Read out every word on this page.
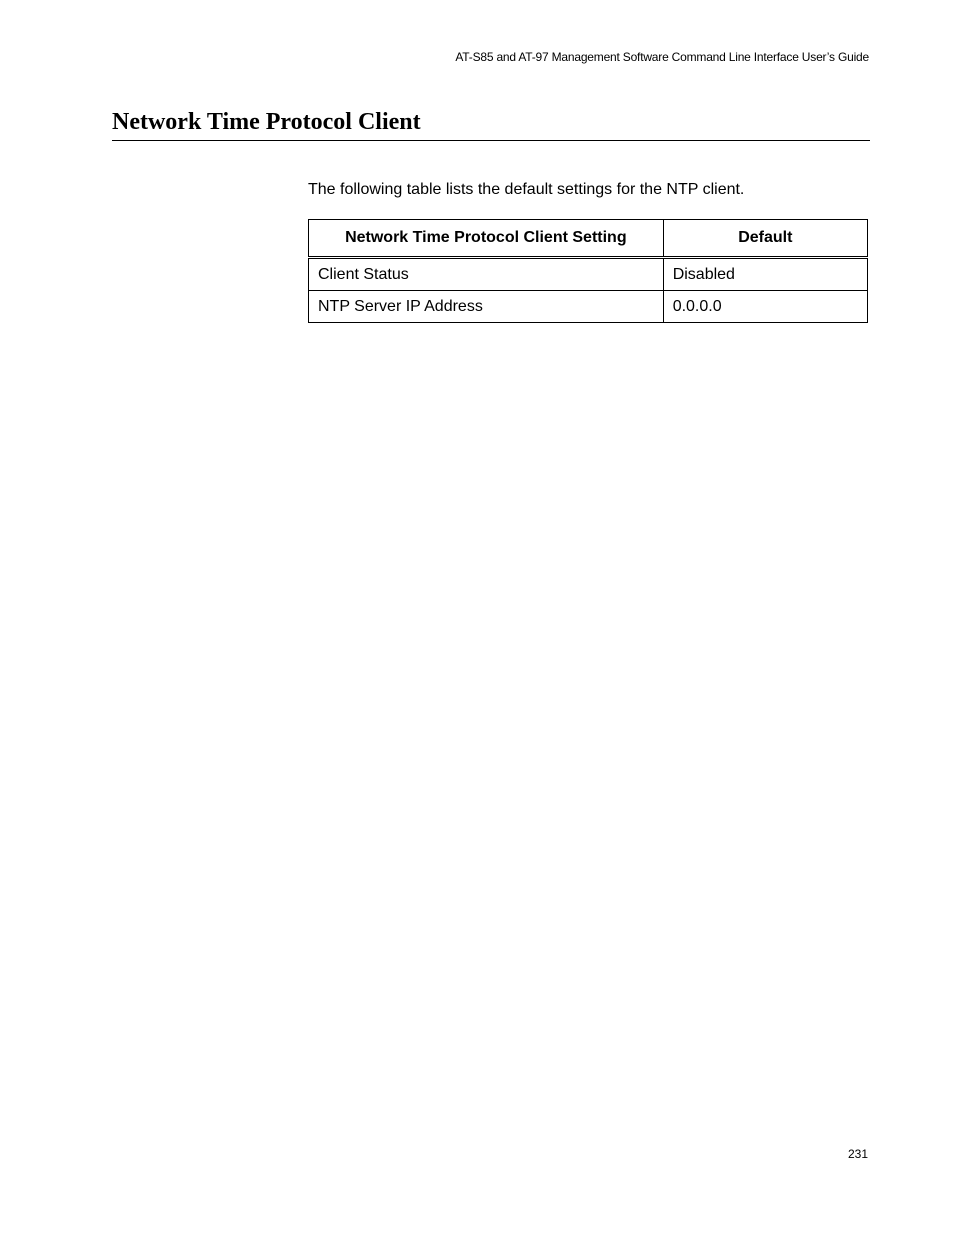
AT-S85 and AT-97 Management Software Command Line Interface User’s Guide
Network Time Protocol Client

The following table lists the default settings for the NTP client.

Network Time Protocol Client Setting	Default
Client Status	Disabled
NTP Server IP Address	0.0.0.0
231
